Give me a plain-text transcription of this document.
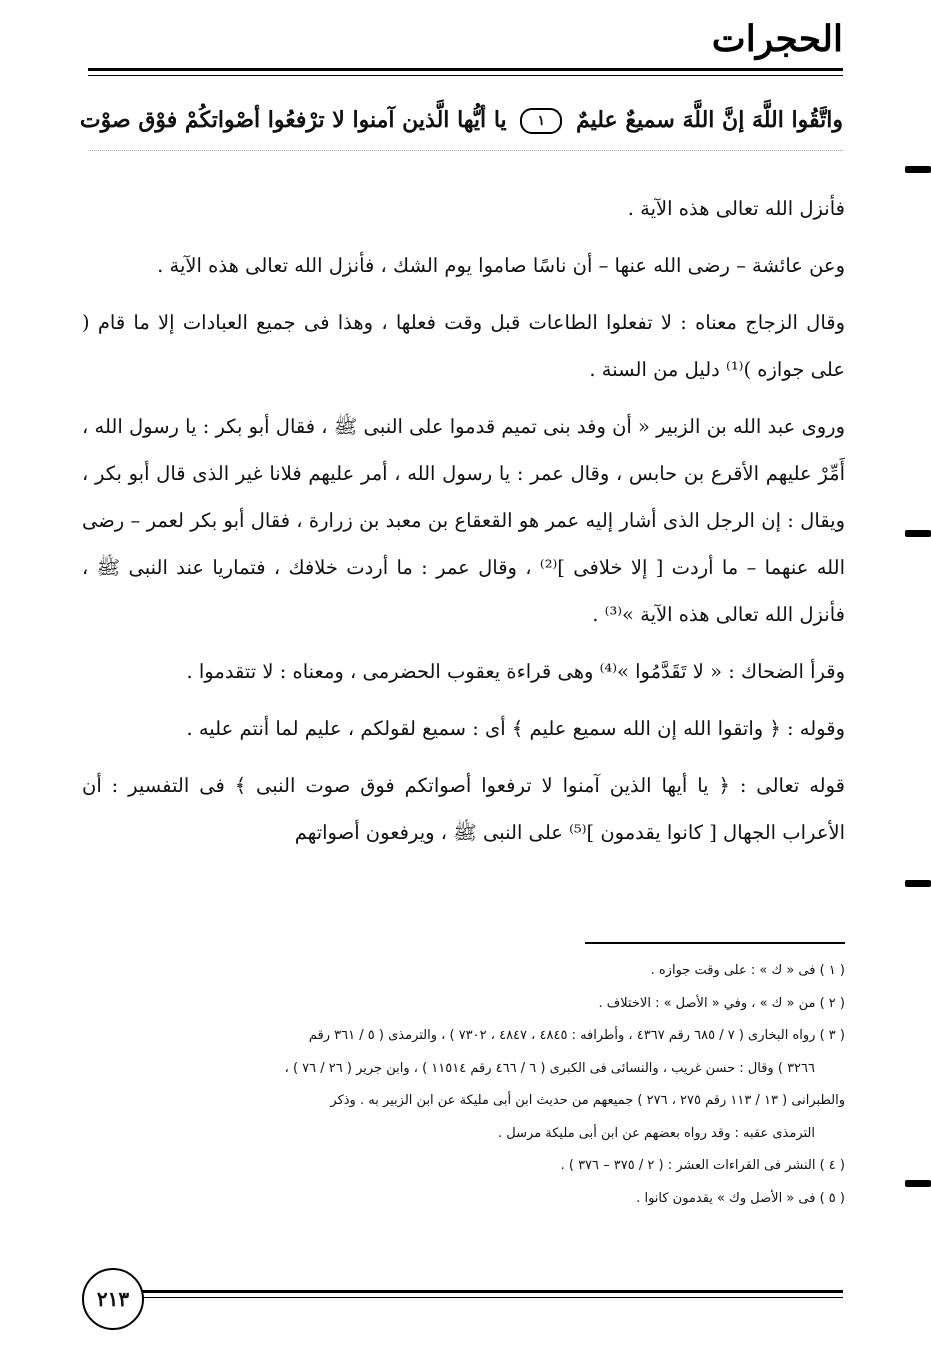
الحجرات
واتَّقُوا اللَّهَ إنَّ اللَّهَ سميعٌ عليمٌ ١ يا أيُّها الَّذين آمنوا لا ترْفعُوا أصْواتكُمْ فوْق صوْت

فأنزل الله تعالى هذه الآية .

وعن عائشة – رضى الله عنها – أن ناسًا صاموا يوم الشك ، فأنزل الله تعالى هذه الآية .

وقال الزجاج معناه : لا تفعلوا الطاعات قبل وقت فعلها ، وهذا فى جميع العبادات إلا ما قام ( على جوازه )⁽¹⁾ دليل من السنة .

وروى عبد الله بن الزبير « أن وفد بنى تميم قدموا على النبى ﷺ ، فقال أبو بكر : يا رسول الله ، أَمِّرْ عليهم الأقرع بن حابس ، وقال عمر : يا رسول الله ، أمر عليهم فلانا غير الذى قال أبو بكر ، ويقال : إن الرجل الذى أشار إليه عمر هو القعقاع بن معبد بن زرارة ، فقال أبو بكر لعمر – رضى الله عنهما – ما أردت [ إلا خلافى ]⁽²⁾ ، وقال عمر : ما أردت خلافك ، فتماريا عند النبى ﷺ ، فأنزل الله تعالى هذه الآية »⁽³⁾ .

وقرأ الضحاك : « لا تَقَدَّمُوا »⁽⁴⁾ وهى قراءة يعقوب الحضرمى ، ومعناه : لا تتقدموا .

وقوله : ﴿ واتقوا الله إن الله سميع عليم ﴾ أى : سميع لقولكم ، عليم لما أنتم عليه .

قوله تعالى : ﴿ يا أيها الذين آمنوا لا ترفعوا أصواتكم فوق صوت النبى ﴾ فى التفسير : أن الأعراب الجهال [ كانوا يقدمون ]⁽⁵⁾ على النبى ﷺ ، ويرفعون أصواتهم

( ١ ) فى « ك » : على وقت جوازه .

( ٢ ) من « ك » ، وفي « الأصل » : الاختلاف .

( ٣ ) رواه البخارى ( ٧ / ٦٨٥ رقم ٤٣٦٧ ، وأطرافه : ٤٨٤٥ ، ٤٨٤٧ ، ٧٣٠٢ ) ، والترمذى ( ٥ / ٣٦١ رقم

٣٢٦٦ ) وقال : حسن غريب ، والنسائى فى الكبرى ( ٦ / ٤٦٦ رقم ١١٥١٤ ) ، وابن جرير ( ٢٦ / ٧٦ ) ،

والطبرانى ( ١٣ / ١١٣ رقم ٢٧٥ ، ٢٧٦ ) جميعهم من حديث ابن أبى مليكة عن ابن الزبير به . وذكر

الترمذى عقبه : وقد رواه بعضهم عن ابن أبى مليكة مرسل .

( ٤ ) النشر فى القراءات العشر : ( ٢ / ٣٧٥ – ٣٧٦ ) .

( ٥ ) فى « الأصل وك » يقدمون كانوا .

٢١٣
